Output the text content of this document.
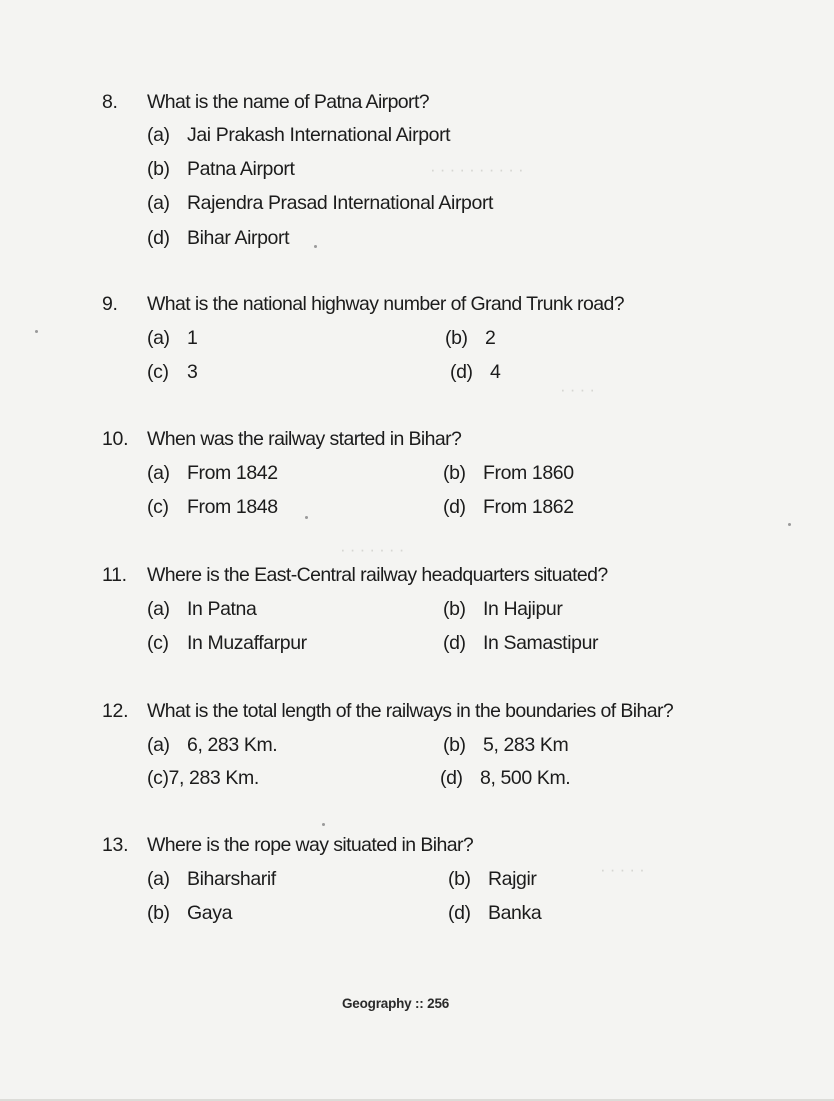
· · · · · · · · · ·
· · · ·
· · · · · · ·
· · · · ·
8. What is the name of Patna Airport?
(a) Jai Prakash International Airport
(b) Patna Airport
(a) Rajendra Prasad International Airport
(d) Bihar Airport
9. What is the national highway number of Grand Trunk road?
(a) 1	(b) 2
(c) 3	(d) 4
10. When was the railway started in Bihar?
(a) From 1842	(b) From 1860
(c) From 1848	(d) From 1862
11. Where is the East-Central railway headquarters situated?
(a) In Patna	(b) In Hajipur
(c) In Muzaffarpur	(d) In Samastipur
12. What is the total length of the railways in the boundaries of Bihar?
(a) 6, 283 Km.	(b) 5, 283 Km
(c)7, 283 Km.	(d) 8, 500 Km.
13. Where is the rope way situated in Bihar?
(a) Biharsharif	(b) Rajgir
(b) Gaya	(d) Banka
Geography :: 256
